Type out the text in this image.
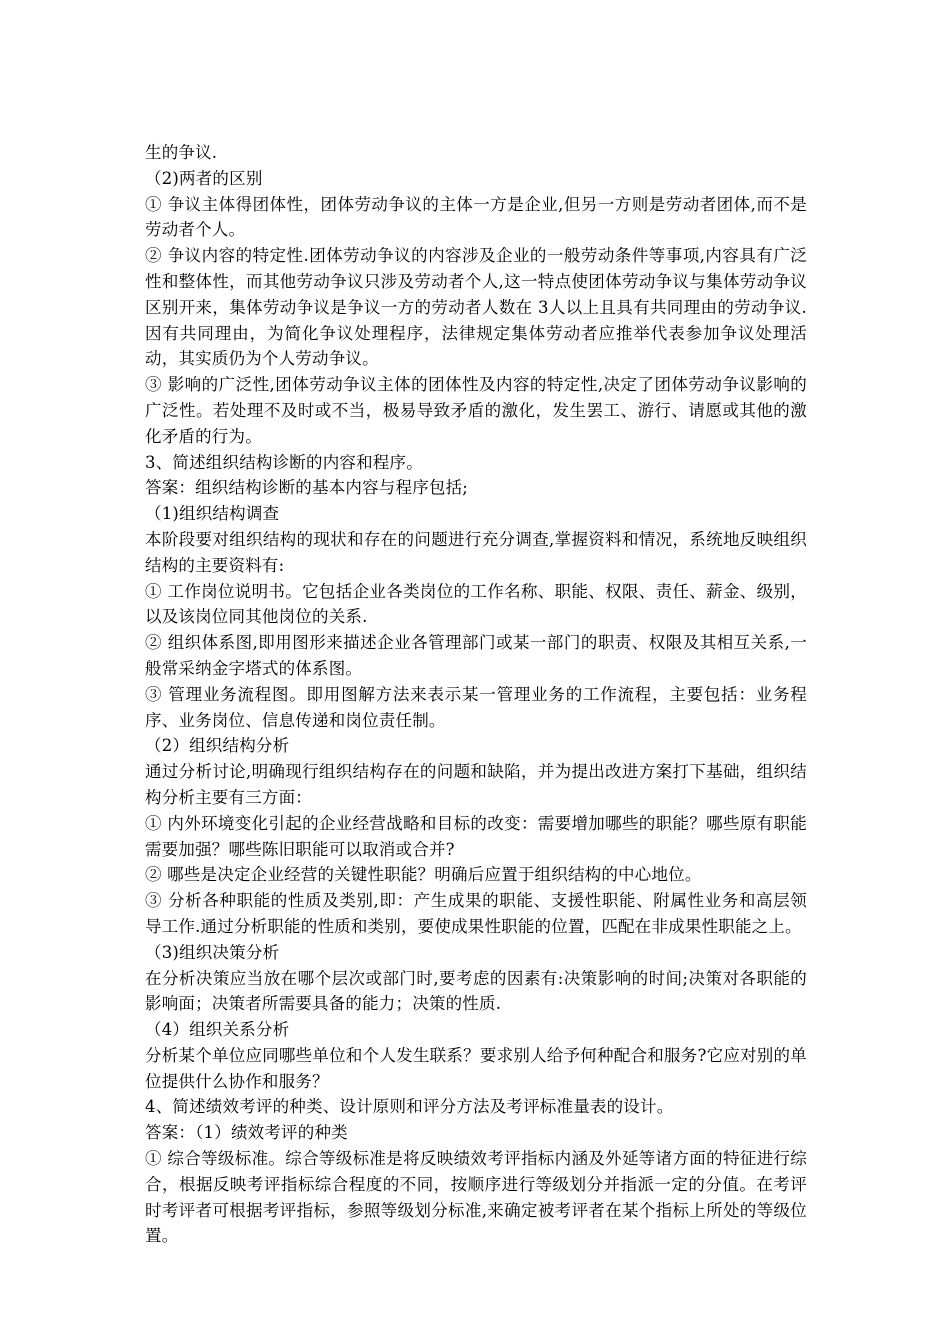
生的争议.

（2)两者的区别

① 争议主体得团体性，团体劳动争议的主体一方是企业,但另一方则是劳动者团体,而不是劳动者个人。

② 争议内容的特定性.团体劳动争议的内容涉及企业的一般劳动条件等事项,内容具有广泛性和整体性，而其他劳动争议只涉及劳动者个人,这一特点使团体劳动争议与集体劳动争议区别开来，集体劳动争议是争议一方的劳动者人数在 3人以上且具有共同理由的劳动争议.因有共同理由，为简化争议处理程序，法律规定集体劳动者应推举代表参加争议处理活动，其实质仍为个人劳动争议。

③ 影响的广泛性,团体劳动争议主体的团体性及内容的特定性,决定了团体劳动争议影响的广泛性。若处理不及时或不当，极易导致矛盾的激化，发生罢工、游行、请愿或其他的激化矛盾的行为。

3、简述组织结构诊断的内容和程序。

答案：组织结构诊断的基本内容与程序包括;

（1)组织结构调查

本阶段要对组织结构的现状和存在的问题进行充分调查,掌握资料和情况，系统地反映组织结构的主要资料有:

① 工作岗位说明书。它包括企业各类岗位的工作名称、职能、权限、责任、薪金、级别，以及该岗位同其他岗位的关系.

② 组织体系图,即用图形来描述企业各管理部门或某一部门的职责、权限及其相互关系,一般常采纳金字塔式的体系图。

③ 管理业务流程图。即用图解方法来表示某一管理业务的工作流程，主要包括：业务程序、业务岗位、信息传递和岗位责任制。

（2）组织结构分析

通过分析讨论,明确现行组织结构存在的问题和缺陷，并为提出改进方案打下基础，组织结构分析主要有三方面：

① 内外环境变化引起的企业经营战略和目标的改变：需要增加哪些的职能？哪些原有职能需要加强？哪些陈旧职能可以取消或合并?

② 哪些是决定企业经营的关键性职能？明确后应置于组织结构的中心地位。

③ 分析各种职能的性质及类别,即：产生成果的职能、支援性职能、附属性业务和高层领导工作.通过分析职能的性质和类别，要使成果性职能的位置，匹配在非成果性职能之上。

（3)组织决策分析

在分析决策应当放在哪个层次或部门时,要考虑的因素有:决策影响的时间;决策对各职能的影响面；决策者所需要具备的能力；决策的性质.

（4）组织关系分析

分析某个单位应同哪些单位和个人发生联系？要求别人给予何种配合和服务?它应对别的单位提供什么协作和服务？

4、简述绩效考评的种类、设计原则和评分方法及考评标准量表的设计。

答案：（1）绩效考评的种类

① 综合等级标准。综合等级标准是将反映绩效考评指标内涵及外延等诸方面的特征进行综合，根据反映考评指标综合程度的不同，按顺序进行等级划分并指派一定的分值。在考评时考评者可根据考评指标，参照等级划分标准,来确定被考评者在某个指标上所处的等级位置。
